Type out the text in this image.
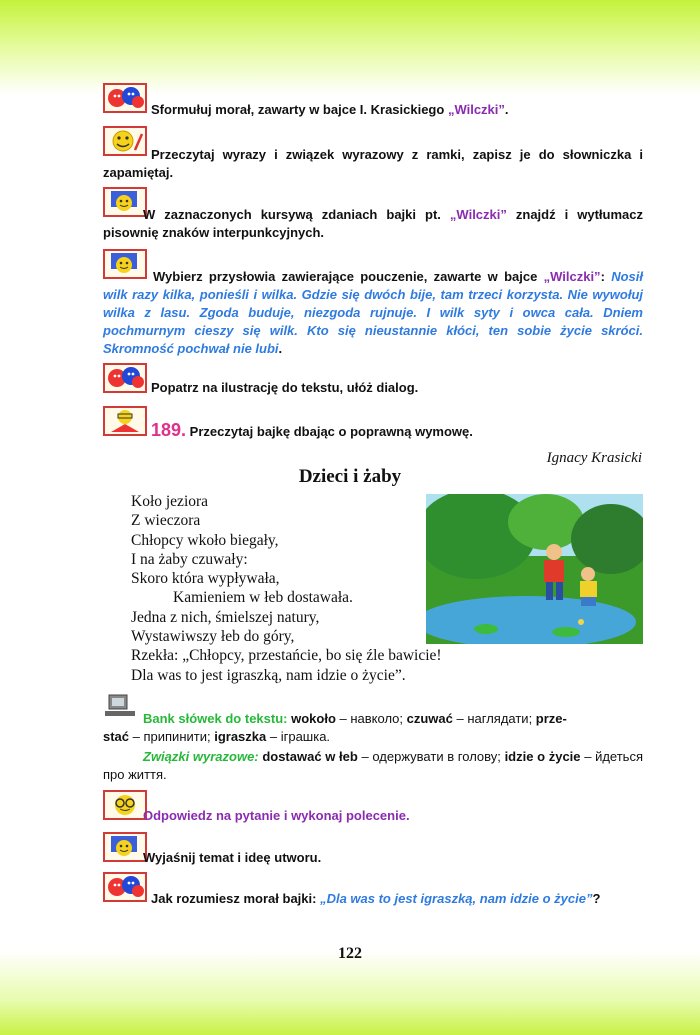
Sformułuj morał, zawarty w bajce I. Krasickiego „Wilczki”.
Przeczytaj wyrazy i związek wyrazowy z ramki, zapisz je do słowniczka i zapamiętaj.
W zaznaczonych kursywą zdaniach bajki pt. „Wilczki” znajdź i wytłumacz pisownię znaków interpunkcyjnych.
Wybierz przysłowia zawierające pouczenie, zawarte w bajce „Wilczki”: Nosił wilk razy kilka, ponieśli i wilka. Gdzie się dwóch bije, tam trzeci korzysta. Nie wywołuj wilka z lasu. Zgoda buduje, niezgoda rujnuje. I wilk syty i owca cała. Dniem pochmurnym cieszy się wilk. Kto się nieustannie kłóci, ten sobie życie skróci. Skromność pochwał nie lubi.
Popatrz na ilustrację do tekstu, ułóż dialog.
189. Przeczytaj bajkę dbając o poprawną wymowę.
Ignacy Krasicki
Dzieci i żaby
Koło jeziora
Z wieczora
Chłopcy wkoło biegały,
I na żaby czuwały:
Skoro która wypływała,
Kamieniem w łeb dostawała.
Jedna z nich, śmielszej natury,
Wystawiwszy łeb do góry,
Rzekła: „Chłopcy, przestańcie, bo się źle bawicie!
Dla was to jest igraszką, nam idzie o życie”.
Bank słówek do tekstu: wokoło – навколо; czuwać – наглядати; prze-
stać – припинити; igraszka – іграшка.
Związki wyrazowe: dostawać w łeb – одержувати в голову; idzie o życie – йдеться про життя.
Odpowiedz na pytanie i wykonaj polecenie.
Wyjaśnij temat i ideę utworu.
Jak rozumiesz morał bajki: „Dla was to jest igraszką, nam idzie o życie”?
122
